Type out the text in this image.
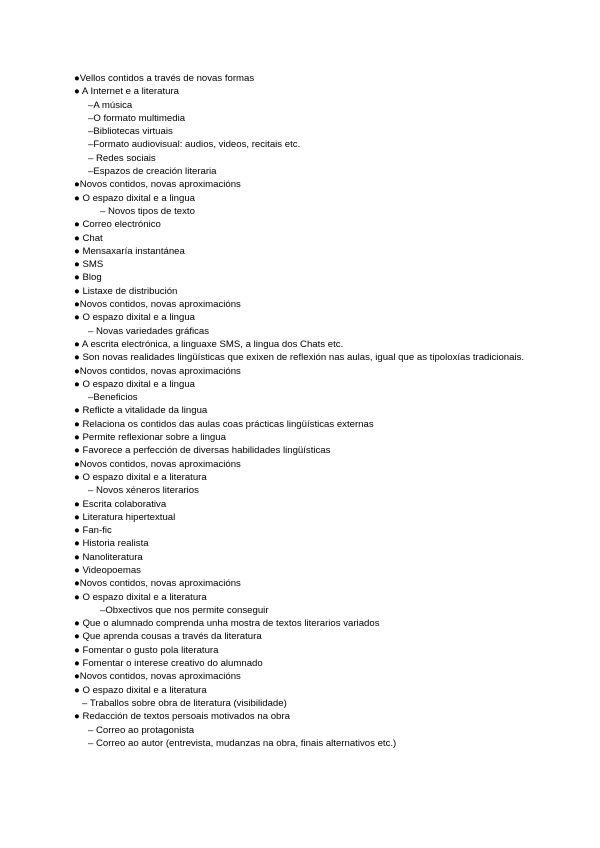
●Vellos contidos a través de novas formas
● A Internet e a literatura
–A música
–O formato multimedia
–Bibliotecas virtuais
–Formato audiovisual: audios, videos, recitais etc.
– Redes sociais
–Espazos de creación literaria
●Novos contidos, novas aproximacións
● O espazo dixital e a lingua
– Novos tipos de texto
● Correo electrónico
● Chat
● Mensaxaría instantánea
● SMS
● Blog
● Listaxe de distribución
●Novos contidos, novas aproximacións
● O espazo dixital e a lingua
– Novas variedades gráficas
● A escrita electrónica, a linguaxe SMS, a lingua dos Chats etc.
● Son novas realidades lingüísticas que exixen de reflexión nas aulas, igual que as tipoloxías tradicionais.
●Novos contidos, novas aproximacións
● O espazo dixital e a lingua
–Beneficios
● Reflicte a vitalidade da lingua
● Relaciona os contidos das aulas coas prácticas lingüísticas externas
● Permite reflexionar sobre a lingua
● Favorece a perfección de diversas habilidades lingüísticas
●Novos contidos, novas aproximacións
● O espazo dixital e a literatura
– Novos xéneros literarios
● Escrita colaborativa
● Literatura hipertextual
● Fan-fic
● Historia realista
● Nanoliteratura
● Videopoemas
●Novos contidos, novas aproximacións
● O espazo dixital e a literatura
–Obxectivos que nos permite conseguir
● Que o alumnado comprenda unha mostra de textos literarios variados
● Que aprenda cousas a través da literatura
● Fomentar o gusto pola literatura
● Fomentar o interese creativo do alumnado
●Novos contidos, novas aproximacións
● O espazo dixital e a literatura
– Traballos sobre obra de literatura (visibilidade)
● Redacción de textos persoais motivados na obra
– Correo ao protagonista
– Correo ao autor (entrevista, mudanzas na obra, finais alternativos etc.)
